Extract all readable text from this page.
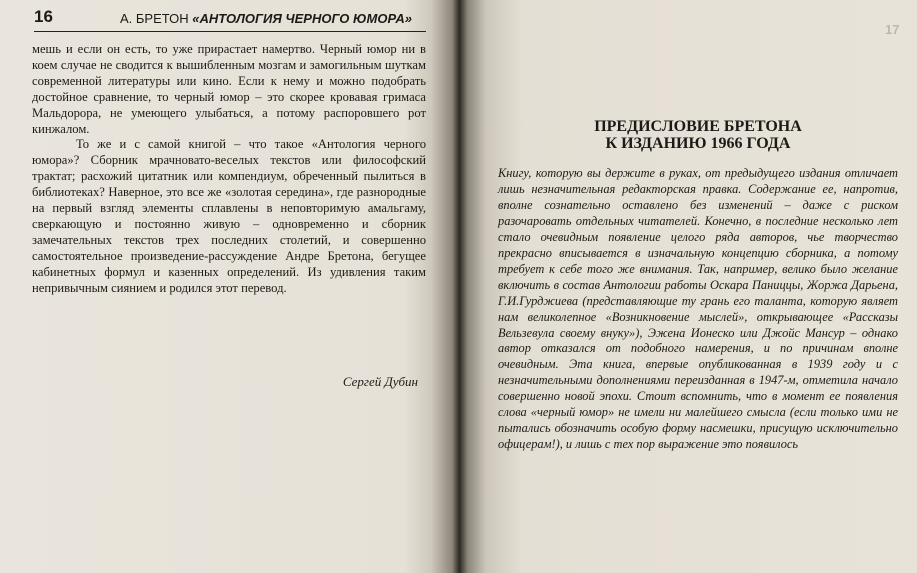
16	А. БРЕТОН «АНТОЛОГИЯ ЧЕРНОГО ЮМОРА»

мешь и если он есть, то уже прирастает намертво. Черный юмор ни в коем случае не сводится к вышибленным мозгам и замогильным шуткам современной литературы или кино. Если к нему и можно подобрать достойное сравнение, то черный юмор – это скорее кровавая гримаса Мальдорора, не умеющего улыбаться, а потому распоровшего рот кинжалом.
То же и с самой книгой – что такое «Антология черного юмора»? Сборник мрачновато-веселых текстов или философский трактат; расхожий цитатник или компендиум, обреченный пылиться в библиотеках? Наверное, это все же «золотая середина», где разнородные на первый взгляд элементы сплавлены в неповторимую амальгаму, сверкающую и постоянно живую – одновременно и сборник замечательных текстов трех последних столетий, и совершенно самостоятельное произведение-рассуждение Андре Бретона, бегущее кабинетных формул и казенных определений. Из удивления таким непривычным сиянием и родился этот перевод.

Сергей Дубин
17
ПРЕДИСЛОВИЕ БРЕТОНА
К ИЗДАНИЮ 1966 ГОДА

Книгу, которую вы держите в руках, от предыдущего издания отличает лишь незначительная редакторская правка. Содержание ее, напротив, вполне сознательно оставлено без изменений – даже с риском разочаровать отдельных читателей. Конечно, в последние несколько лет стало очевидным появление целого ряда авторов, чье творчество прекрасно вписывается в изначальную концепцию сборника, а потому требует к себе того же внимания. Так, например, велико было желание включить в состав Антологии работы Оскара Паниццы, Жоржа Дарьена, Г.И.Гурджиева (представляющие ту грань его таланта, которую являет нам великолепное «Возникновение мыслей», открывающее «Рассказы Вельзевула своему внуку»), Эжена Ионеско или Джойс Мансур – однако автор отказался от подобного намерения, и по причинам вполне очевидным. Эта книга, впервые опубликованная в 1939 году и с незначительными дополнениями переизданная в 1947-м, отметила начало совершенно новой эпохи. Стоит вспомнить, что в момент ее появления слова «черный юмор» не имели ни малейшего смысла (если только ими не пытались обозначить особую форму насмешки, присущую исключительно офицерам!), и лишь с тех пор выражение это появилось
